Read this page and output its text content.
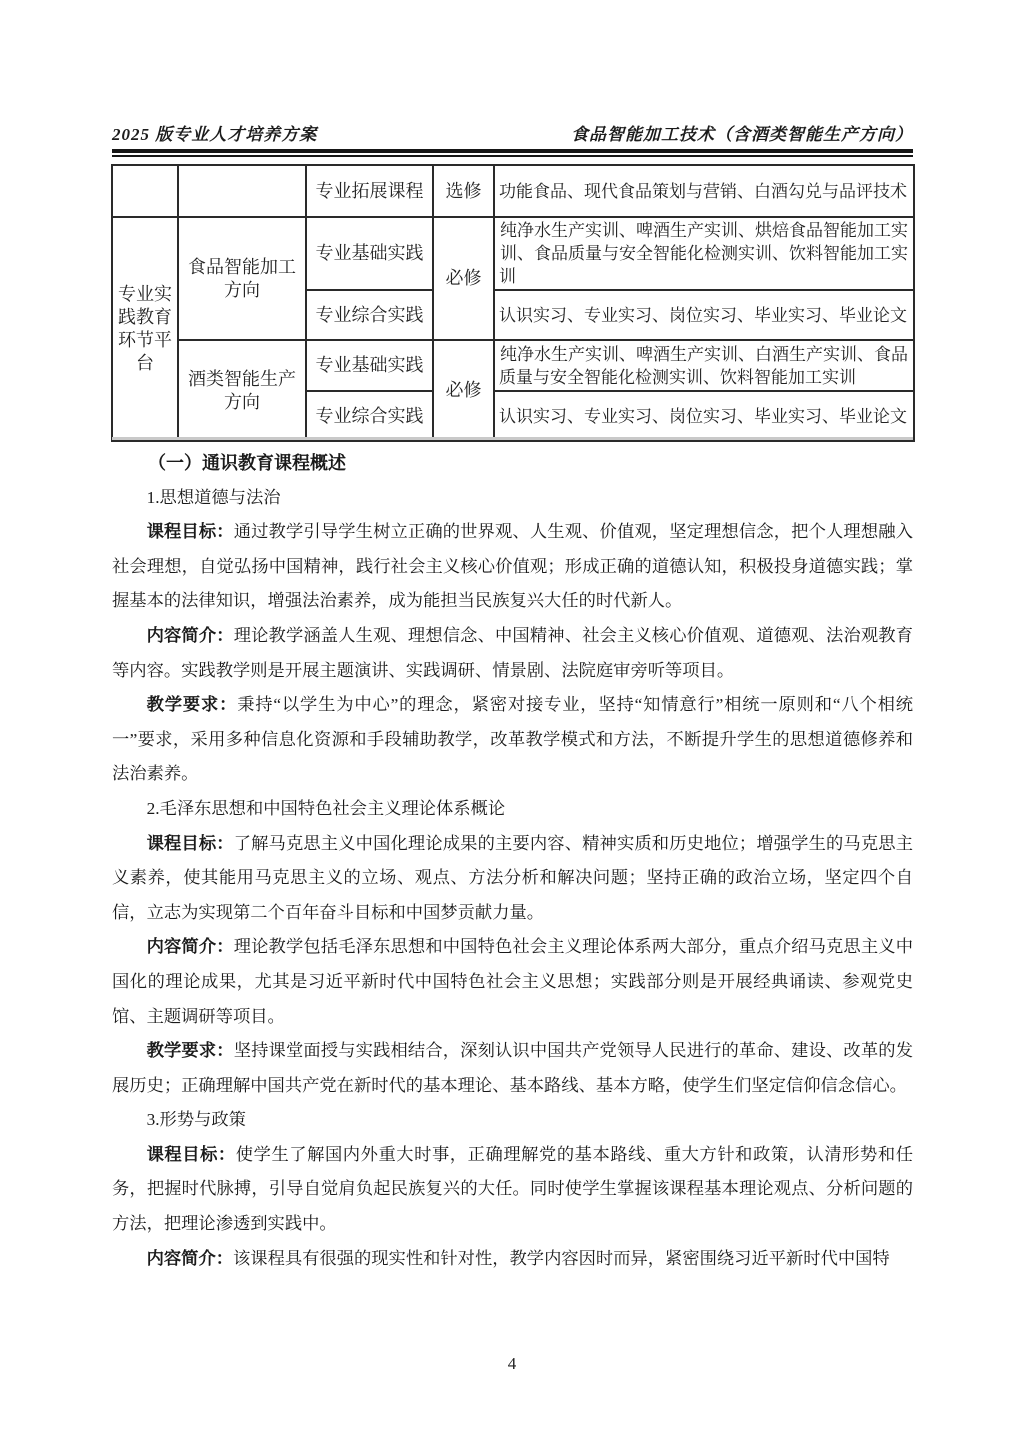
2025 版专业人才培养方案	食品智能加工技术（含酒类智能生产方向）
		专业拓展课程	选修	功能食品、现代食品策划与营销、白酒勾兑与品评技术
专业实践教育环节平台	食品智能加工方向	专业基础实践	必修	纯净水生产实训、啤酒生产实训、烘焙食品智能加工实训、食品质量与安全智能化检测实训、饮料智能加工实训
		专业综合实践		认识实习、专业实习、岗位实习、毕业实习、毕业论文
	酒类智能生产方向	专业基础实践	必修	纯净水生产实训、啤酒生产实训、白酒生产实训、食品质量与安全智能化检测实训、饮料智能加工实训
		专业综合实践		认识实习、专业实习、岗位实习、毕业实习、毕业论文

（一）通识教育课程概述

1.思想道德与法治

课程目标：通过教学引导学生树立正确的世界观、人生观、价值观，坚定理想信念，把个人理想融入社会理想，自觉弘扬中国精神，践行社会主义核心价值观；形成正确的道德认知，积极投身道德实践；掌握基本的法律知识，增强法治素养，成为能担当民族复兴大任的时代新人。

内容简介：理论教学涵盖人生观、理想信念、中国精神、社会主义核心价值观、道德观、法治观教育等内容。实践教学则是开展主题演讲、实践调研、情景剧、法院庭审旁听等项目。

教学要求：秉持“以学生为中心”的理念，紧密对接专业，坚持“知情意行”相统一原则和“八个相统一”要求，采用多种信息化资源和手段辅助教学，改革教学模式和方法，不断提升学生的思想道德修养和法治素养。

2.毛泽东思想和中国特色社会主义理论体系概论

课程目标：了解马克思主义中国化理论成果的主要内容、精神实质和历史地位；增强学生的马克思主义素养，使其能用马克思主义的立场、观点、方法分析和解决问题；坚持正确的政治立场，坚定四个自信，立志为实现第二个百年奋斗目标和中国梦贡献力量。

内容简介：理论教学包括毛泽东思想和中国特色社会主义理论体系两大部分，重点介绍马克思主义中国化的理论成果，尤其是习近平新时代中国特色社会主义思想；实践部分则是开展经典诵读、参观党史馆、主题调研等项目。

教学要求：坚持课堂面授与实践相结合，深刻认识中国共产党领导人民进行的革命、建设、改革的发展历史；正确理解中国共产党在新时代的基本理论、基本路线、基本方略，使学生们坚定信仰信念信心。

3.形势与政策

课程目标：使学生了解国内外重大时事，正确理解党的基本路线、重大方针和政策，认清形势和任务，把握时代脉搏，引导自觉肩负起民族复兴的大任。同时使学生掌握该课程基本理论观点、分析问题的方法，把理论渗透到实践中。

内容简介：该课程具有很强的现实性和针对性，教学内容因时而异，紧密围绕习近平新时代中国特

4
